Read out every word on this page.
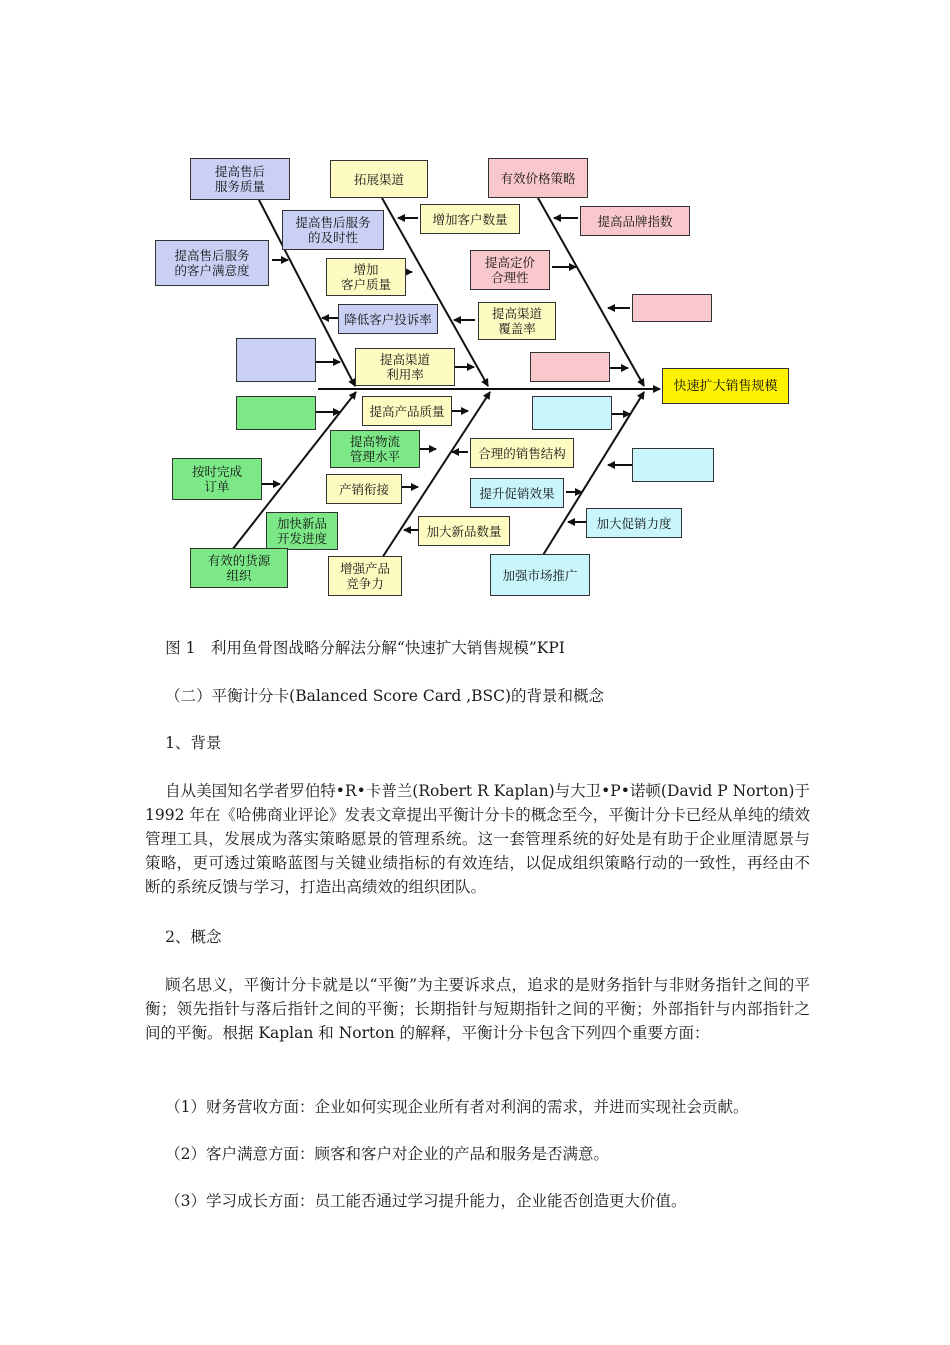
提高售后
服务质量	拓展渠道	有效价格策略
提高售后服务
的及时性
增加客户数量	提高品牌指数
提高售后服务
的客户满意度	增加
客户质量
提高定价
合理性
降低客户投诉率	提高渠道
覆盖率
提高渠道
利用率
快速扩大销售规模
提高产品质量
提高物流
管理水平	合理的销售结构
按时完成
订单	产销衔接	提升促销效果
加快新品
开发进度	加大新品数量
加大促销力度
有效的货源
组织	增强产品
竞争力
加强市场推广

图 1　利用鱼骨图战略分解法分解“快速扩大销售规模”KPI

（二）平衡计分卡(Balanced Score Card ,BSC)的背景和概念

1、背景

自从美国知名学者罗伯特•R•卡普兰(Robert R Kaplan)与大卫•P•诺顿(David P Norton)于 1992 年在《哈佛商业评论》发表文章提出平衡计分卡的概念至今，平衡计分卡已经从单纯的绩效管理工具，发展成为落实策略愿景的管理系统。这一套管理系统的好处是有助于企业厘清愿景与策略，更可透过策略蓝图与关键业绩指标的有效连结，以促成组织策略行动的一致性，再经由不断的系统反馈与学习，打造出高绩效的组织团队。

2、概念

顾名思义，平衡计分卡就是以“平衡”为主要诉求点，追求的是财务指针与非财务指针之间的平衡；领先指针与落后指针之间的平衡；长期指针与短期指针之间的平衡；外部指针与内部指针之间的平衡。根据 Kaplan 和 Norton 的解释，平衡计分卡包含下列四个重要方面：

（1）财务营收方面：企业如何实现企业所有者对利润的需求，并进而实现社会贡献。

（2）客户满意方面：顾客和客户对企业的产品和服务是否满意。

（3）学习成长方面：员工能否通过学习提升能力，企业能否创造更大价值。
